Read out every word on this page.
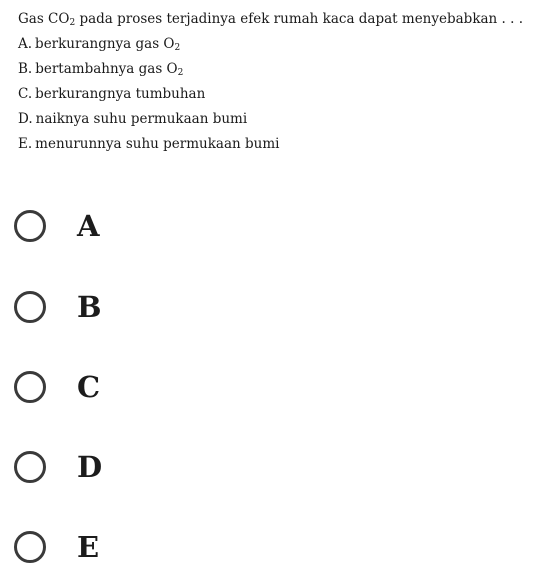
Gas $CO_2$ pada proses terjadinya efek rumah kaca dapat menyebabkan . . .
A. berkurangnya gas $O_2$
B. bertambahnya gas $O_2$
C. berkurangnya tumbuhan
D. naiknya suhu permukaan bumi
E. menurunnya suhu permukaan bumi
A
B
C
D
E
